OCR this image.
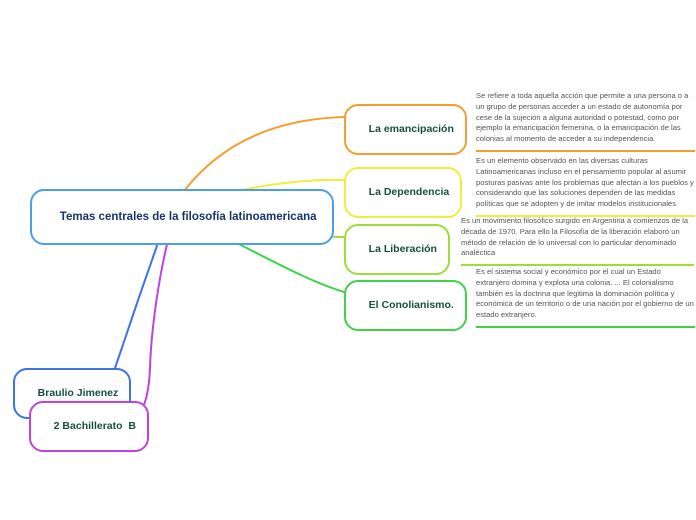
Temas centrales de la filosofía latinoamericana

La emancipación

La Dependencia

La Liberación

El Conolianismo.

Braulio Jimenez

2 Bachillerato  B

Se refiere a toda aquella acción que permite a una persona o a un grupo de personas acceder a un estado de autonomía por cese de la sujeción a alguna autoridad o potestad, como por ejemplo la emancipación femenina, o la emancipación de las colonias al momento de acceder a su independencia.
Es un elemento observado en las diversas culturas Latinoamericanas incluso en el pensamiento popular al asumir posturas pasivas ante los problemas que afectan a los pueblos y considerando que las soluciones dependen de las medidas políticas que se adopten y de imitar modelos institucionales
Es un movimiento filosófico surgido en Argentina a comienzos de la década de 1970. Para ello la Filosofía de la liberación elaboró un método de relación de lo universal con lo particular denominado analéctica
Es el sistema social y económico por el cual un Estado extranjero domina y explota una colonia. ... El colonialismo también es la doctrina que legitima la dominación política y económica de un territorio o de una nación por el gobierno de un estado extranjero.
